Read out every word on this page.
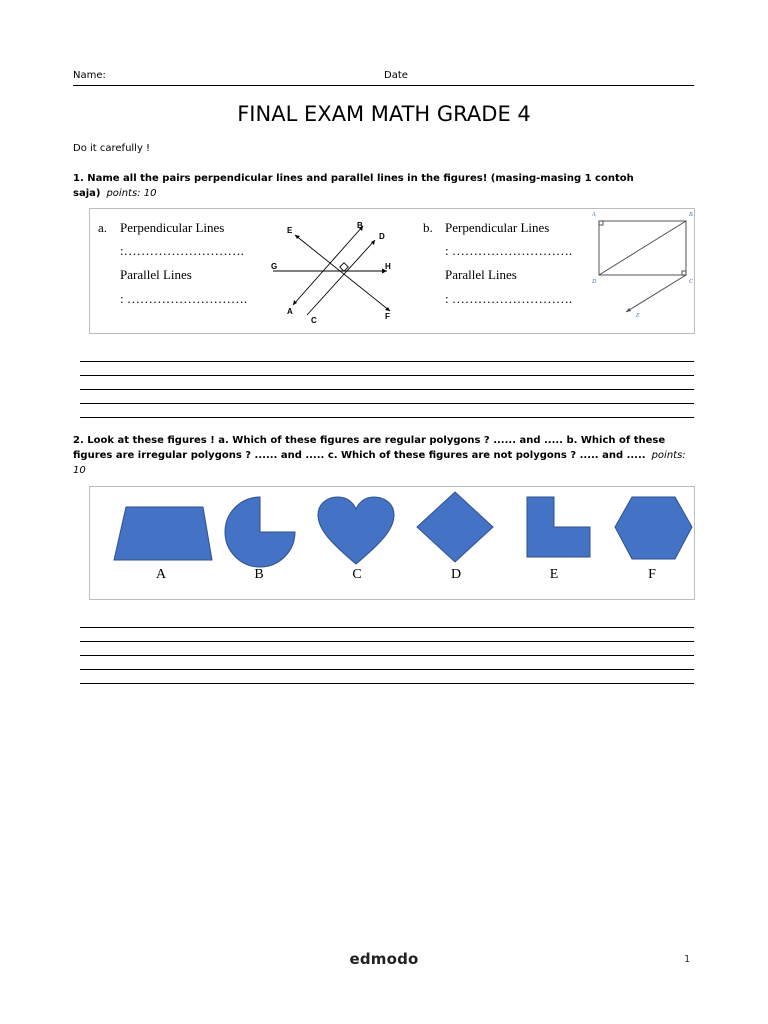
Name:	Date
FINAL EXAM MATH GRADE 4
Do it carefully !
1. Name all the pairs perpendicular lines and parallel lines in the figures! (masing-masing 1 contoh saja) points: 10
a. Perpendicular Lines
:……………………….
Parallel Lines
: ……………………….
E
B
D
G	H
A
C	F
b. Perpendicular Lines
: ……………………….
Parallel Lines
: ……………………….
A	B
D	C
E
2. Look at these figures ! a. Which of these figures are regular polygons ? ...... and ..... b. Which of these figures are irregular polygons ? ...... and ..... c. Which of these figures are not polygons ? ..... and ..... points: 10
A	B	C	D	E	F
edmodo	1
